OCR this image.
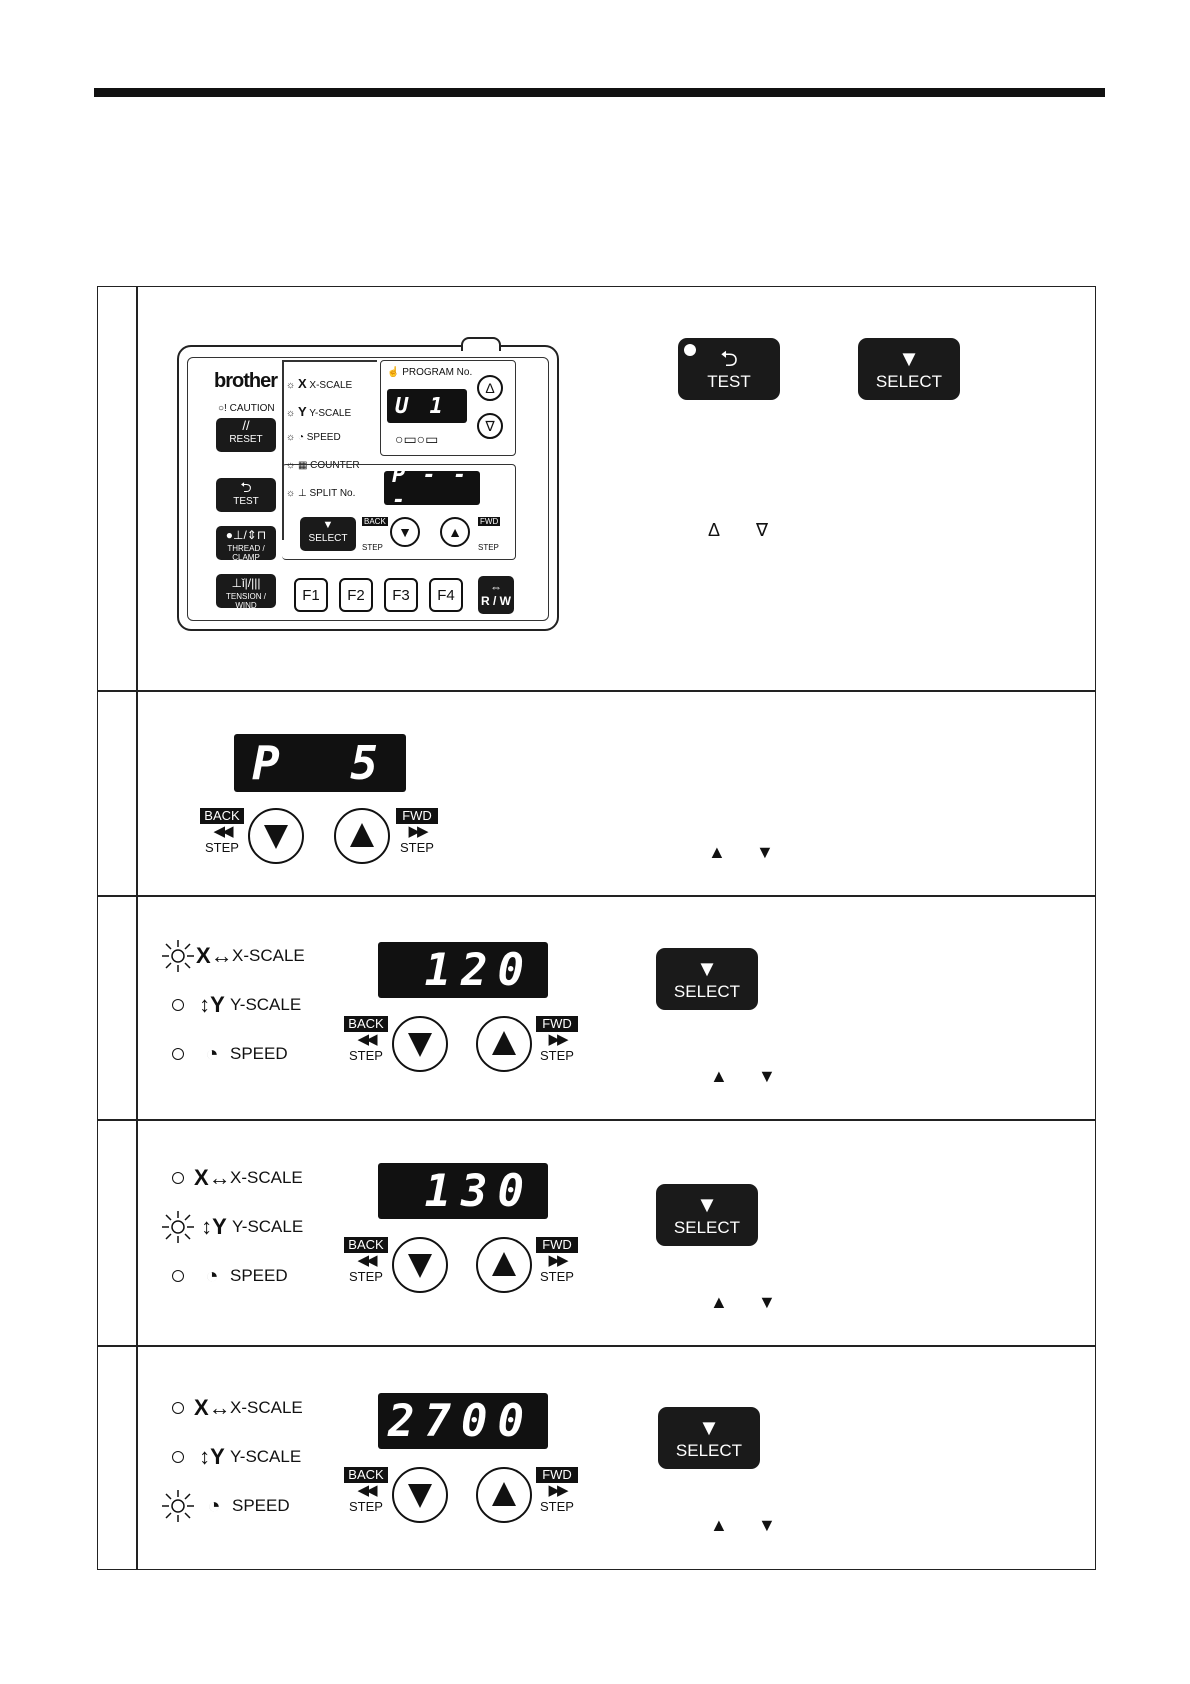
brother
○! CAUTION
//
RESET
⮌
TEST
●⊥/⇕⊓
THREAD / CLAMP
⊥ǐ|/|||
TENSION / WIND
☼ X X-SCALE
☼ Y Y-SCALE
☼ ◔ SPEED
☼ ▦ COUNTER
☼ ⊥ SPLIT No.
☝ PROGRAM No.
U 1
Δ
∇
○▭○▭
P - - -
▼
SELECT
BACK
STEP
▼	▲
FWD
STEP
F1	F2	F3	F4	⇔
R / W
⮌
TEST
▼
SELECT
Δ ∇
P 5
BACK
◀◀
STEP
FWD
▶▶
STEP	▲ ▼
X↔ X-SCALE
↕Y Y-SCALE
◔ SPEED
120
BACK
◀◀
STEP
FWD
▶▶
STEP
▼
SELECT
▲ ▼
X↔ X-SCALE
↕Y Y-SCALE
◔ SPEED
130
BACK
◀◀
STEP
FWD
▶▶
STEP
▼
SELECT
▲ ▼
X↔ X-SCALE
↕Y Y-SCALE
◔ SPEED
2700
BACK
◀◀
STEP
FWD
▶▶
STEP
▼
SELECT
▲ ▼
